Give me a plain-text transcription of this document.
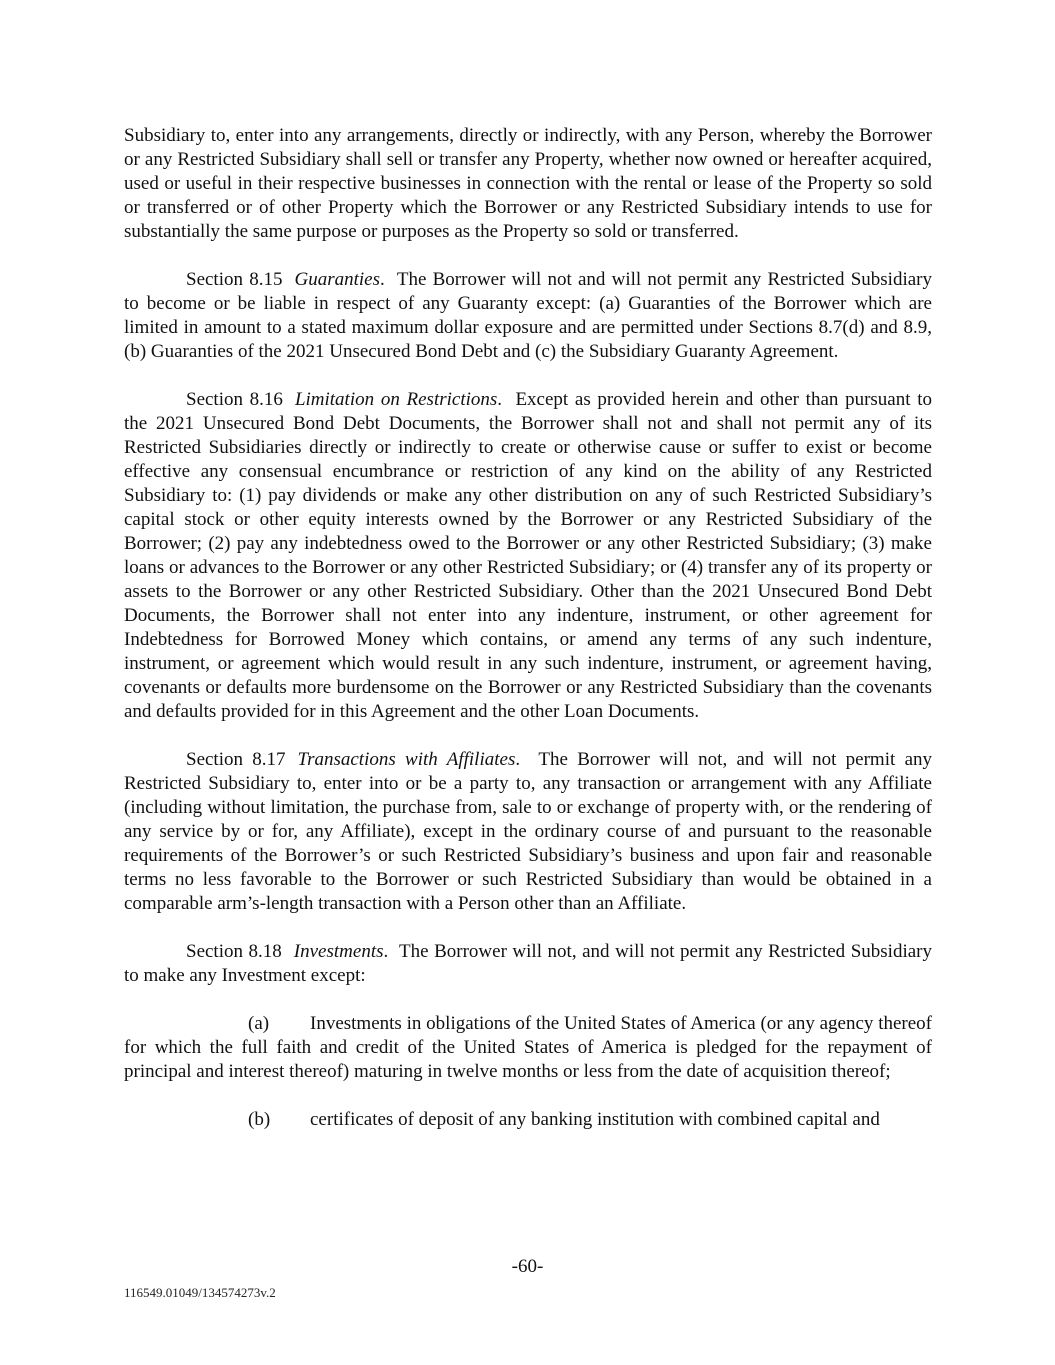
Subsidiary to, enter into any arrangements, directly or indirectly, with any Person, whereby the Borrower or any Restricted Subsidiary shall sell or transfer any Property, whether now owned or hereafter acquired, used or useful in their respective businesses in connection with the rental or lease of the Property so sold or transferred or of other Property which the Borrower or any Restricted Subsidiary intends to use for substantially the same purpose or purposes as the Property so sold or transferred.

Section 8.15 Guaranties.  The Borrower will not and will not permit any Restricted Subsidiary to become or be liable in respect of any Guaranty except: (a) Guaranties of the Borrower which are limited in amount to a stated maximum dollar exposure and are permitted under Sections 8.7(d) and 8.9, (b) Guaranties of the 2021 Unsecured Bond Debt and (c) the Subsidiary Guaranty Agreement.

Section 8.16 Limitation on Restrictions.  Except as provided herein and other than pursuant to the 2021 Unsecured Bond Debt Documents, the Borrower shall not and shall not permit any of its Restricted Subsidiaries directly or indirectly to create or otherwise cause or suffer to exist or become effective any consensual encumbrance or restriction of any kind on the ability of any Restricted Subsidiary to: (1) pay dividends or make any other distribution on any of such Restricted Subsidiary’s capital stock or other equity interests owned by the Borrower or any Restricted Subsidiary of the Borrower; (2) pay any indebtedness owed to the Borrower or any other Restricted Subsidiary; (3) make loans or advances to the Borrower or any other Restricted Subsidiary; or (4) transfer any of its property or assets to the Borrower or any other Restricted Subsidiary. Other than the 2021 Unsecured Bond Debt Documents, the Borrower shall not enter into any indenture, instrument, or other agreement for Indebtedness for Borrowed Money which contains, or amend any terms of any such indenture, instrument, or agreement which would result in any such indenture, instrument, or agreement having, covenants or defaults more burdensome on the Borrower or any Restricted Subsidiary than the covenants and defaults provided for in this Agreement and the other Loan Documents.

Section 8.17 Transactions with Affiliates.  The Borrower will not, and will not permit any Restricted Subsidiary to, enter into or be a party to, any transaction or arrangement with any Affiliate (including without limitation, the purchase from, sale to or exchange of property with, or the rendering of any service by or for, any Affiliate), except in the ordinary course of and pursuant to the reasonable requirements of the Borrower’s or such Restricted Subsidiary’s business and upon fair and reasonable terms no less favorable to the Borrower or such Restricted Subsidiary than would be obtained in a comparable arm’s-length transaction with a Person other than an Affiliate.

Section 8.18 Investments.  The Borrower will not, and will not permit any Restricted Subsidiary to make any Investment except:

(a) Investments in obligations of the United States of America (or any agency thereof for which the full faith and credit of the United States of America is pledged for the repayment of principal and interest thereof) maturing in twelve months or less from the date of acquisition thereof;

(b) certificates of deposit of any banking institution with combined capital and

-60-
116549.01049/134574273v.2
